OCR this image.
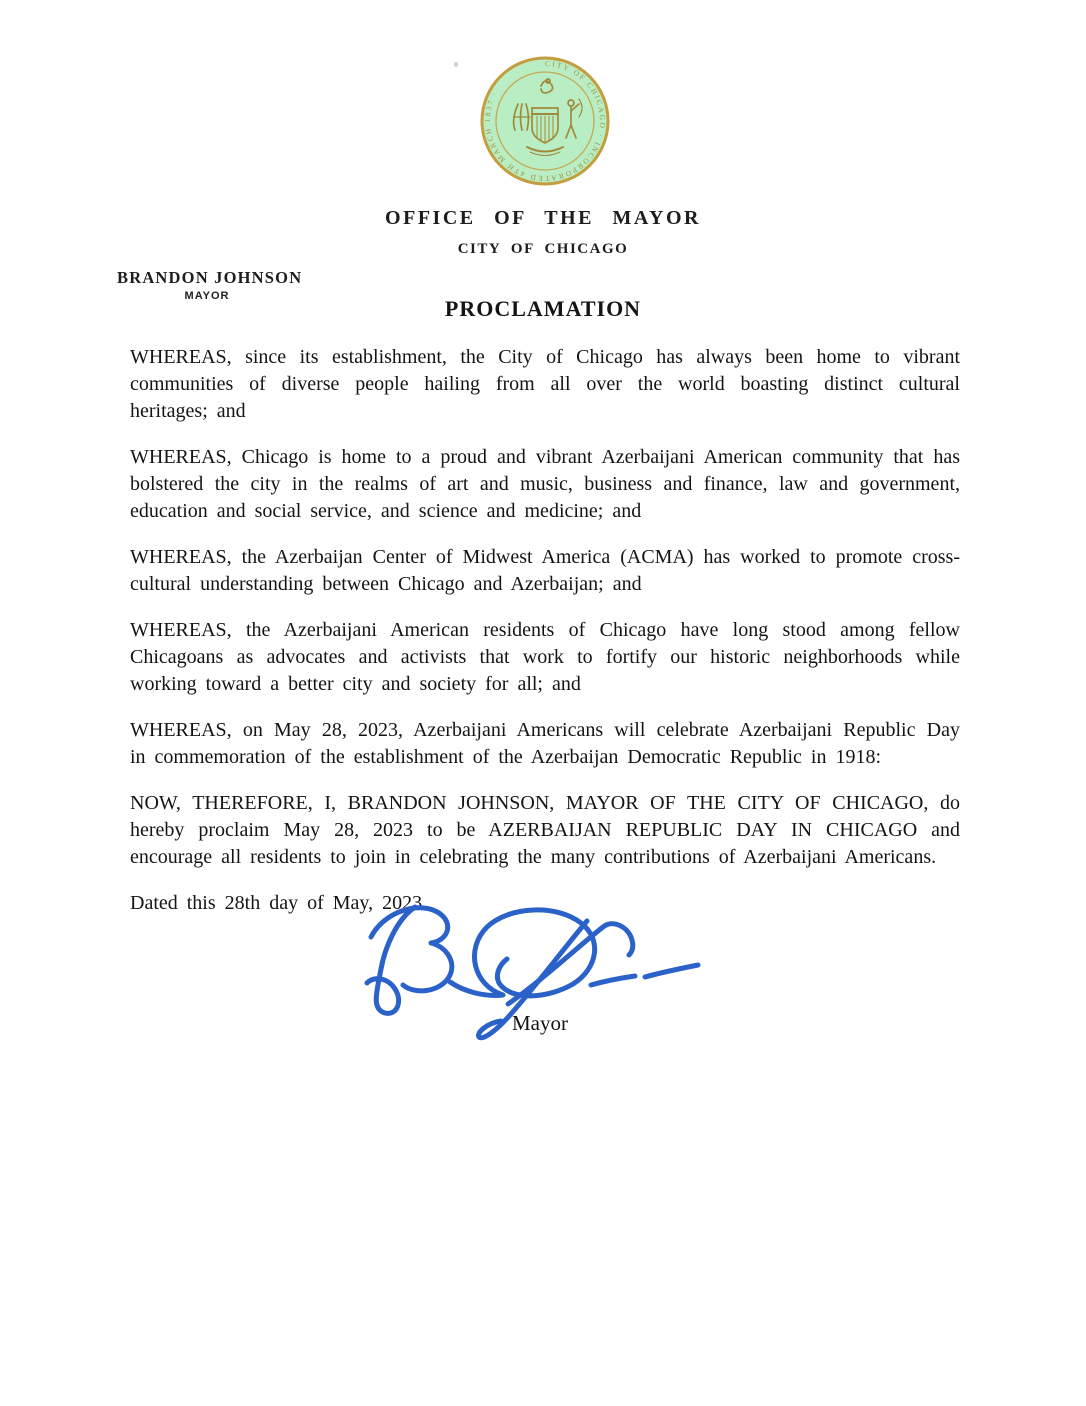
CITY OF CHICAGO · INCORPORATED 4TH MARCH 1837 ·
OFFICE OF THE MAYOR
CITY OF CHICAGO
BRANDON JOHNSON
MAYOR	PROCLAMATION

WHEREAS, since its establishment, the City of Chicago has always been home to vibrant communities of diverse people hailing from all over the world boasting distinct cultural heritages; and

WHEREAS, Chicago is home to a proud and vibrant Azerbaijani American community that has bolstered the city in the realms of art and music, business and finance, law and government, education and social service, and science and medicine; and

WHEREAS, the Azerbaijan Center of Midwest America (ACMA) has worked to promote cross-cultural understanding between Chicago and Azerbaijan; and

WHEREAS, the Azerbaijani American residents of Chicago have long stood among fellow Chicagoans as advocates and activists that work to fortify our historic neighborhoods while working toward a better city and society for all; and

WHEREAS, on May 28, 2023, Azerbaijani Americans will celebrate Azerbaijani Republic Day in commemoration of the establishment of the Azerbaijan Democratic Republic in 1918:

NOW, THEREFORE, I, BRANDON JOHNSON, MAYOR OF THE CITY OF CHICAGO, do hereby proclaim May 28, 2023 to be AZERBAIJAN REPUBLIC DAY IN CHICAGO and encourage all residents to join in celebrating the many contributions of Azerbaijani Americans.

Dated this 28th day of May, 2023.

Mayor
